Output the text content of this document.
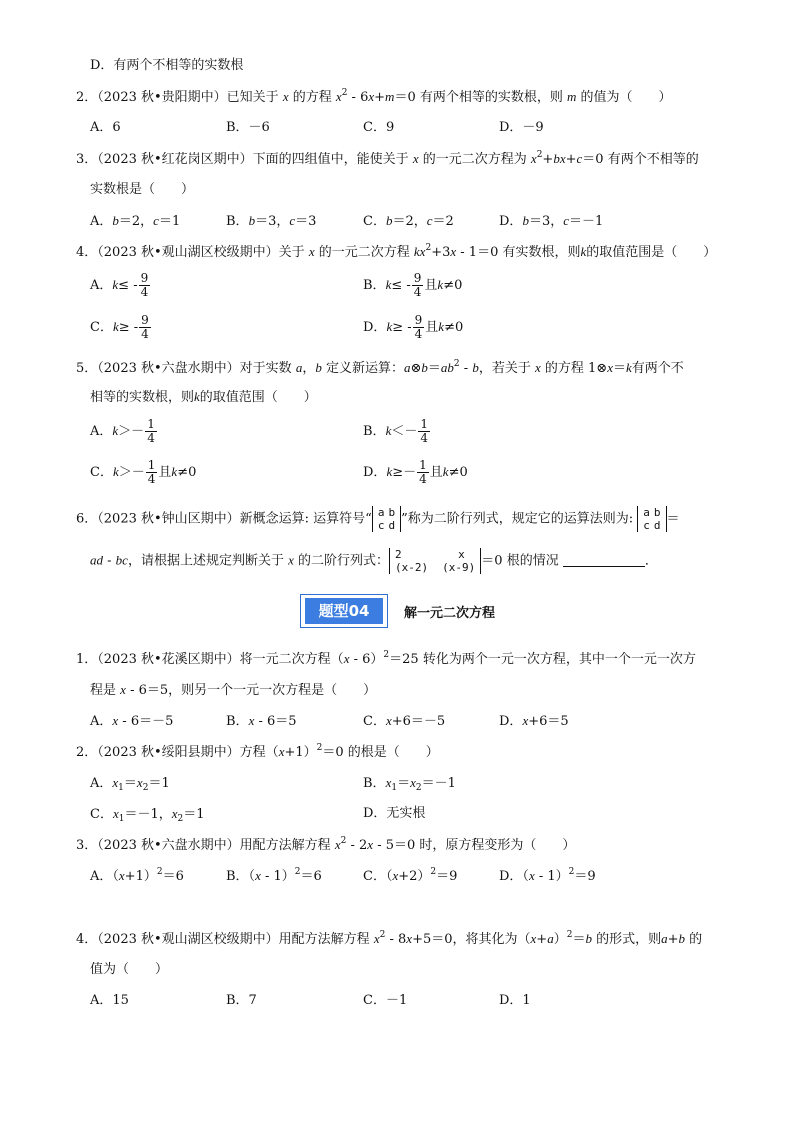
D．有两个不相等的实数根
2．（2023 秋•贵阳期中）已知关于 x 的方程 $x^2 - 6x+m=0$ 有两个相等的实数根，则 m 的值为（　　）
A．6	B．－6	C．9	D．－9
3．（2023 秋•红花岗区期中）下面的四组值中，能使关于 x 的一元二次方程为 $x^2+bx+c=0$ 有两个不相等的
实数根是（　　）
A．b＝2，c＝1	B．b＝3，c＝3	C．b＝2，c＝2	D．b＝3，c＝－1
4．（2023 秋•观山湖区校级期中）关于 x 的一元二次方程 $kx^2+3x - 1=0$ 有实数根，则k的取值范围是（　　）
A．$k\le - \frac{9}{4}$	B．$k\le - \frac{9}{4}$ 且k≠0
C．$k\ge - \frac{9}{4}$	D．$k\ge - \frac{9}{4}$ 且k≠0
5．（2023 秋•六盘水期中）对于实数 a，b 定义新运算：$a\otimes b=ab^2 - b$，若关于 x 的方程 1⊗x＝k有两个不
相等的实数根，则k的取值范围（　　）
A．$k>- \frac{1}{4}$	B．$k<- \frac{1}{4}$
C．$k>- \frac{1}{4}$ 且k≠0	D．$k\ge- \frac{1}{4}$ 且k≠0
6．（2023 秋•钟山区期中）新概念运算: 运算符号“ a	b
c	d ”称为二阶行列式，规定它的运算法则为: a	b
c	d ＝
ad - bc，请根据上述规定判断关于 x 的二阶行列式： 2	x
(x-2)	(x-9) ＝0 根的情况	．
题型04	解一元二次方程
1．（2023 秋•花溪区期中）将一元二次方程（x - 6）$^2$＝25 转化为两个一元一次方程，其中一个一元一次方
程是 x - 6＝5，则另一个一元一次方程是（　　）
A．x - 6＝－5	B．x - 6＝5	C．x+6＝－5	D．x+6＝5
2．（2023 秋•绥阳县期中）方程$(x+1)^2=0$ 的根是（　　）
A．$x_1=x_2=1$	B．$x_1=x_2=-1$
C．$x_1=-1$，$x_2=1$	D．无实根
3．（2023 秋•六盘水期中）用配方法解方程 $x^2 - 2x - 5=0$ 时，原方程变形为（　　）
A．$(x+1)^2=6$	B．（x - 1）$^2$＝6	C．$(x+2)^2=9$	D．（x - 1）$^2$＝9
4．（2023 秋•观山湖区校级期中）用配方法解方程 $x^2 - 8x+5=0$，将其化为$(x+a)^2=b$ 的形式，则a+b 的
值为（　　）
A．15	B．7	C．－1	D．1
